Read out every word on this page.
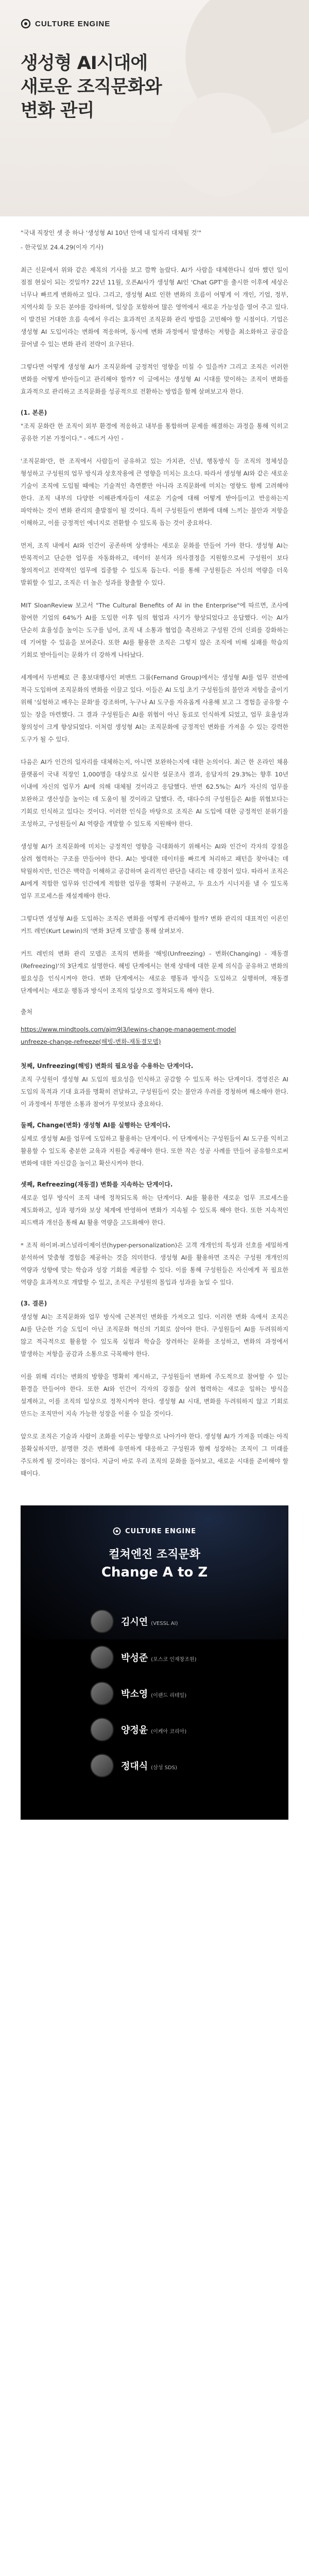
CULTURE ENGINE
생성형 AI시대에
새로운 조직문화와
변화 관리

"국내 직장인 셋 중 하나 '생성형 AI 10년 안에 내 일자리 대체될 것'"

- 한국일보 24.4.29(이자 기사)

최근 신문에서 위와 같은 제목의 기사를 보고 깜짝 놀랐다. AI가 사람을 대체한다니 설마 했던 일이 점점 현실이 되는 것일까? 22년 11월, 오픈AI사가 생성형 AI인 'Chat GPT'를 출시한 이후에 세상은 너무나 빠르게 변화하고 있다. 그리고, 생성형 AI로 인한 변화의 흐름이 어떻게 이 개인, 기업, 정부, 지역사회 등 모든 분야를 강타하며, 일상을 포함하여 많은 영역에서 새로운 가능성을 열어 주고 있다. 이 발견된 거대한 흐름 속에서 우리는 효과적인 조직문화 관리 방법을 고민해야 할 시점이다. 기업은 생성형 AI 도입이라는 변화에 적응하며, 동시에 변화 과정에서 발생하는 저항을 최소화하고 공감을 끌어낼 수 있는 변화 관리 전략이 요구된다.

그렇다면 어떻게 생성형 AI가 조직문화에 긍정적인 영향을 미칠 수 있을까? 그리고 조직은 이러한 변화를 어떻게 받아들이고 관리해야 할까? 이 글에서는 생성형 AI 시대를 맞이하는 조직이 변화를 효과적으로 관리하고 조직문화를 성공적으로 전환하는 방법을 함께 살펴보고자 한다.

(1. 본론)

"조직 문화란 한 조직이 외부 환경에 적응하고 내부를 통합하며 문제를 해결하는 과정을 통해 익히고 공유한 기본 가정이다." - 에드거 샤인 -

'조직문화'란, 한 조직에서 사람들이 공유하고 있는 가치관, 신념, 행동방식 등 조직의 정체성을 형성하고 구성원의 업무 방식과 상호작용에 큰 영향을 미치는 요소다. 따라서 생성형 AI와 같은 새로운 기술이 조직에 도입될 때에는 기술적인 측면뿐만 아니라 조직문화에 미치는 영향도 함께 고려해야 한다. 조직 내부의 다양한 이해관계자들이 새로운 기술에 대해 어떻게 받아들이고 반응하는지 파악하는 것이 변화 관리의 출발점이 될 것이다. 특히 구성원들이 변화에 대해 느끼는 불안과 저항을 이해하고, 이를 긍정적인 에너지로 전환할 수 있도록 돕는 것이 중요하다.

먼저, 조직 내에서 AI와 인간이 공존하며 상생하는 새로운 문화를 만들어 가야 한다. 생성형 AI는 반복적이고 단순한 업무를 자동화하고, 데이터 분석과 의사결정을 지원함으로써 구성원이 보다 창의적이고 전략적인 업무에 집중할 수 있도록 돕는다. 이를 통해 구성원들은 자신의 역량을 더욱 발휘할 수 있고, 조직은 더 높은 성과를 창출할 수 있다.

MIT SloanReview 보고서 "The Cultural Benefits of AI in the Enterprise"에 따르면, 조사에 참여한 기업의 64%가 AI를 도입한 이후 팀의 협업과 사기가 향상되었다고 응답했다. 이는 AI가 단순히 효율성을 높이는 도구를 넘어, 조직 내 소통과 협업을 촉진하고 구성원 간의 신뢰를 강화하는 데 기여할 수 있음을 보여준다. 또한 AI를 활용한 조직은 그렇지 않은 조직에 비해 실패를 학습의 기회로 받아들이는 문화가 더 강하게 나타났다.

세계에서 두번째로 큰 홍보대행사인 퍼맨트 그룹(Fernand Group)에서는 생성형 AI를 업무 전반에 적극 도입하며 조직문화의 변화를 이끌고 있다. 이들은 AI 도입 초기 구성원들의 불안과 저항을 줄이기 위해 '실험하고 배우는 문화'를 강조하며, 누구나 AI 도구를 자유롭게 사용해 보고 그 경험을 공유할 수 있는 장을 마련했다. 그 결과 구성원들은 AI를 위협이 아닌 동료로 인식하게 되었고, 업무 효율성과 창의성이 크게 향상되었다. 이처럼 생성형 AI는 조직문화에 긍정적인 변화를 가져올 수 있는 강력한 도구가 될 수 있다.

다음은 AI가 인간의 일자리를 대체하는지, 아니면 보완하는지에 대한 논의이다. 최근 한 온라인 채용 플랫폼이 국내 직장인 1,000명을 대상으로 실시한 설문조사 결과, 응답자의 29.3%는 향후 10년 이내에 자신의 업무가 AI에 의해 대체될 것이라고 응답했다. 반면 62.5%는 AI가 자신의 업무를 보완하고 생산성을 높이는 데 도움이 될 것이라고 답했다. 즉, 대다수의 구성원들은 AI를 위협보다는 기회로 인식하고 있다는 것이다. 이러한 인식을 바탕으로 조직은 AI 도입에 대한 긍정적인 분위기를 조성하고, 구성원들이 AI 역량을 개발할 수 있도록 지원해야 한다.

생성형 AI가 조직문화에 미치는 긍정적인 영향을 극대화하기 위해서는 AI와 인간이 각자의 강점을 살려 협력하는 구조를 만들어야 한다. AI는 방대한 데이터를 빠르게 처리하고 패턴을 찾아내는 데 탁월하지만, 인간은 맥락을 이해하고 공감하며 윤리적인 판단을 내리는 데 강점이 있다. 따라서 조직은 AI에게 적합한 업무와 인간에게 적합한 업무를 명확히 구분하고, 두 요소가 시너지를 낼 수 있도록 업무 프로세스를 재설계해야 한다.

그렇다면 생성형 AI를 도입하는 조직은 변화를 어떻게 관리해야 할까? 변화 관리의 대표적인 이론인 커트 레빈(Kurt Lewin)의 '변화 3단계 모델'을 통해 살펴보자.

커트 레빈의 변화 관리 모델은 조직의 변화를 '해빙(Unfreezing) - 변화(Changing) - 재동결(Refreezing)'의 3단계로 설명한다. 해빙 단계에서는 현재 상태에 대한 문제 의식을 공유하고 변화의 필요성을 인식시켜야 한다. 변화 단계에서는 새로운 행동과 방식을 도입하고 실행하며, 재동결 단계에서는 새로운 행동과 방식이 조직의 일상으로 정착되도록 해야 한다.

출처

https://www.mindtools.com/ajm9l3/lewins-change-management-model
unfreeze-change-refreeze(해빙-변화-재동결모델)

첫째, Unfreezing(해빙) 변화의 필요성을 수용하는 단계이다.

조직 구성원이 생성형 AI 도입의 필요성을 인식하고 공감할 수 있도록 하는 단계이다. 경영진은 AI 도입의 목적과 기대 효과를 명확히 전달하고, 구성원들이 갖는 불안과 우려를 경청하며 해소해야 한다. 이 과정에서 투명한 소통과 참여가 무엇보다 중요하다.

둘째, Change(변화) 생성형 AI를 실행하는 단계이다.

실제로 생성형 AI를 업무에 도입하고 활용하는 단계이다. 이 단계에서는 구성원들이 AI 도구를 익히고 활용할 수 있도록 충분한 교육과 지원을 제공해야 한다. 또한 작은 성공 사례를 만들어 공유함으로써 변화에 대한 자신감을 높이고 확산시켜야 한다.

셋째, Refreezing(재동결) 변화를 지속하는 단계이다.

새로운 업무 방식이 조직 내에 정착되도록 하는 단계이다. AI를 활용한 새로운 업무 프로세스를 제도화하고, 성과 평가와 보상 체계에 반영하여 변화가 지속될 수 있도록 해야 한다. 또한 지속적인 피드백과 개선을 통해 AI 활용 역량을 고도화해야 한다.

* 조직 하이퍼-퍼스널라이제이션(hyper-personalization)은 고객 개개인의 특성과 선호를 세밀하게 분석하여 맞춤형 경험을 제공하는 것을 의미한다. 생성형 AI를 활용하면 조직은 구성원 개개인의 역량과 성향에 맞는 학습과 성장 기회를 제공할 수 있다. 이를 통해 구성원들은 자신에게 꼭 필요한 역량을 효과적으로 개발할 수 있고, 조직은 구성원의 몰입과 성과를 높일 수 있다.

(3. 결론)

생성형 AI는 조직문화와 업무 방식에 근본적인 변화를 가져오고 있다. 이러한 변화 속에서 조직은 AI를 단순한 기술 도입이 아닌 조직문화 혁신의 기회로 삼아야 한다. 구성원들이 AI를 두려워하지 않고 적극적으로 활용할 수 있도록 실험과 학습을 장려하는 문화를 조성하고, 변화의 과정에서 발생하는 저항을 공감과 소통으로 극복해야 한다.

이를 위해 리더는 변화의 방향을 명확히 제시하고, 구성원들이 변화에 주도적으로 참여할 수 있는 환경을 만들어야 한다. 또한 AI와 인간이 각자의 강점을 살려 협력하는 새로운 일하는 방식을 설계하고, 이를 조직의 일상으로 정착시켜야 한다. 생성형 AI 시대, 변화를 두려워하지 않고 기회로 만드는 조직만이 지속 가능한 성장을 이룰 수 있을 것이다.

앞으로 조직은 기술과 사람이 조화를 이루는 방향으로 나아가야 한다. 생성형 AI가 가져올 미래는 아직 불확실하지만, 분명한 것은 변화에 유연하게 대응하고 구성원과 함께 성장하는 조직이 그 미래를 주도하게 될 것이라는 점이다. 지금이 바로 우리 조직의 문화를 돌아보고, 새로운 시대를 준비해야 할 때이다.

CULTURE ENGINE
컬쳐엔진 조직문화
Change A to Z
김시연 (VESSL AI)
박성준 (포스코 인재창조원)
박소영 (이랜드 리테일)
양정윤 (이케아 코리아)
정대식 (삼성 SDS)
